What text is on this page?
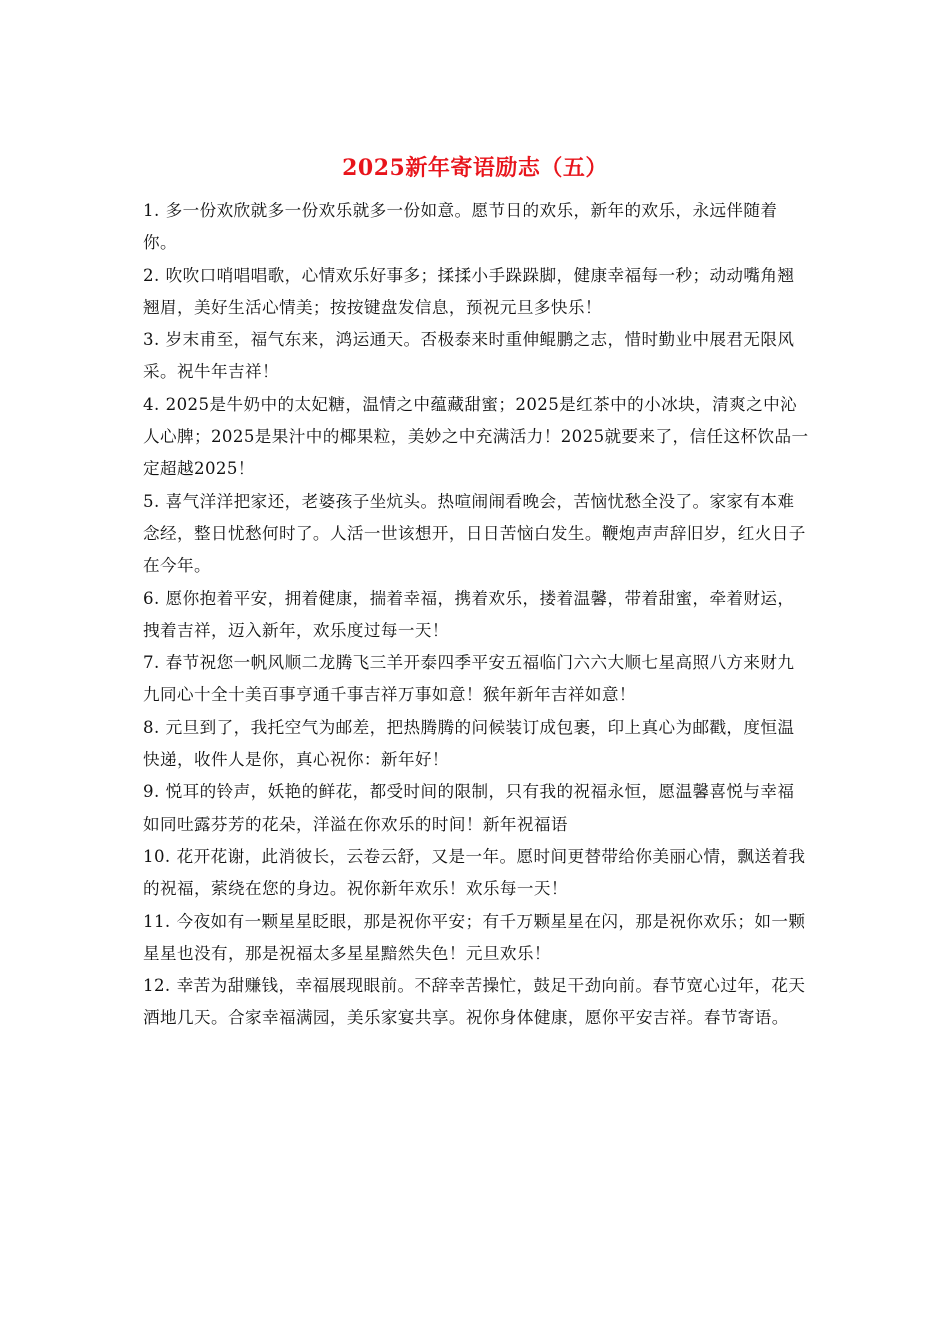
2025新年寄语励志（五）

1. 多一份欢欣就多一份欢乐就多一份如意。愿节日的欢乐，新年的欢乐，永远伴随着你。

2. 吹吹口哨唱唱歌，心情欢乐好事多；揉揉小手跺跺脚，健康幸福每一秒；动动嘴角翘翘眉，美好生活心情美；按按键盘发信息，预祝元旦多快乐！

3. 岁末甫至，福气东来，鸿运通天。否极泰来时重伸鲲鹏之志，惜时勤业中展君无限风采。祝牛年吉祥！

4. 2025是牛奶中的太妃糖，温情之中蕴藏甜蜜；2025是红茶中的小冰块，清爽之中沁人心脾；2025是果汁中的椰果粒，美妙之中充满活力！2025就要来了，信任这杯饮品一定超越2025！

5. 喜气洋洋把家还，老婆孩子坐炕头。热喧闹闹看晚会，苦恼忧愁全没了。家家有本难念经，整日忧愁何时了。人活一世该想开，日日苦恼白发生。鞭炮声声辞旧岁，红火日子在今年。

6. 愿你抱着平安，拥着健康，揣着幸福，携着欢乐，搂着温馨，带着甜蜜，牵着财运，拽着吉祥，迈入新年，欢乐度过每一天！

7. 春节祝您一帆风顺二龙腾飞三羊开泰四季平安五福临门六六大顺七星高照八方来财九九同心十全十美百事亨通千事吉祥万事如意！猴年新年吉祥如意！

8. 元旦到了，我托空气为邮差，把热腾腾的问候装订成包裹，印上真心为邮戳，度恒温快递，收件人是你，真心祝你：新年好！

9. 悦耳的铃声，妖艳的鲜花，都受时间的限制，只有我的祝福永恒，愿温馨喜悦与幸福 如同吐露芬芳的花朵，洋溢在你欢乐的时间！新年祝福语

10. 花开花谢，此消彼长，云卷云舒，又是一年。愿时间更替带给你美丽心情，飘送着我的祝福，萦绕在您的身边。祝你新年欢乐！欢乐每一天！

11. 今夜如有一颗星星眨眼，那是祝你平安；有千万颗星星在闪，那是祝你欢乐；如一颗星星也没有，那是祝福太多星星黯然失色！元旦欢乐！

12. 幸苦为甜赚钱，幸福展现眼前。不辞幸苦操忙，鼓足干劲向前。春节宽心过年，花天酒地几天。合家幸福满园，美乐家宴共享。祝你身体健康，愿你平安吉祥。春节寄语。
